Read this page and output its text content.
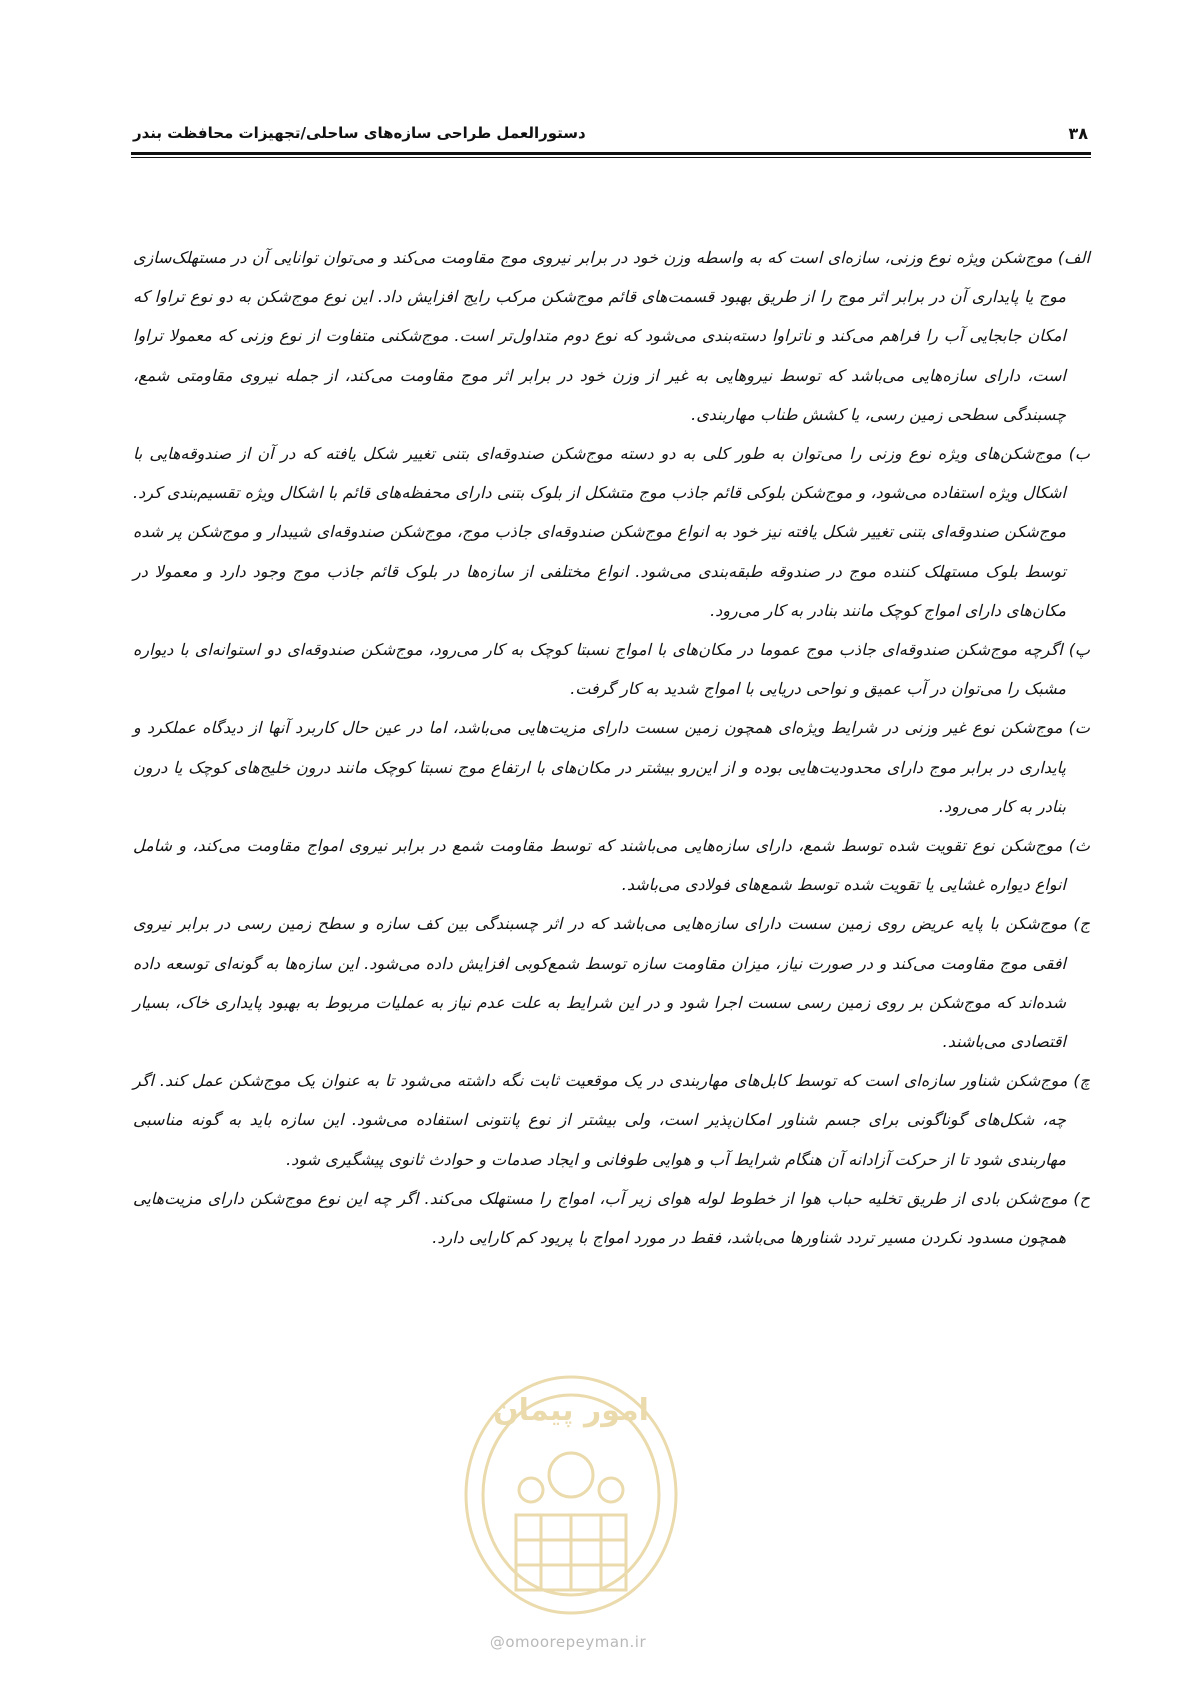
۳۸
دستورالعمل طراحی سازه‌های ساحلی/تجهیزات محافظت بندر

الف) موج‌شکن ویژه نوع وزنی، سازه‌ای است که به واسطه وزن خود در برابر نیروی موج مقاومت می‌کند و می‌توان توانایی آن در مستهلک‌سازی موج یا پایداری آن در برابر اثر موج را از طریق بهبود قسمت‌های قائم موج‌شکن مرکب رایج افزایش داد. این نوع موج‌شکن به دو نوع تراوا که امکان جابجایی آب را فراهم می‌کند و ناتراوا دسته‌بندی می‌شود که نوع دوم متداول‌تر است. موج‌شکنی متفاوت از نوع وزنی که معمولا تراوا است، دارای سازه‌هایی می‌باشد که توسط نیروهایی به غیر از وزن خود در برابر اثر موج مقاومت می‌کند، از جمله نیروی مقاومتی شمع، چسبندگی سطحی زمین رسی، یا کشش طناب مهاربندی.

ب) موج‌شکن‌های ویژه نوع وزنی را می‌توان به طور کلی به دو دسته موج‌شکن صندوقه‌ای بتنی تغییر شکل یافته که در آن از صندوقه‌هایی با اشکال ویژه استفاده می‌شود، و موج‌شکن بلوکی قائم جاذب موج متشکل از بلوک بتنی دارای محفظه‌های قائم با اشکال ویژه تقسیم‌بندی کرد. موج‌شکن صندوقه‌ای بتنی تغییر شکل یافته نیز خود به انواع موج‌شکن صندوقه‌ای جاذب موج، موج‌شکن صندوقه‌ای شیبدار و موج‌شکن پر شده توسط بلوک مستهلک کننده موج در صندوقه طبقه‌بندی می‌شود. انواع مختلفی از سازه‌ها در بلوک قائم جاذب موج وجود دارد و معمولا در مکان‌های دارای امواج کوچک مانند بنادر به کار می‌رود.

پ) اگرچه موج‌شکن صندوقه‌ای جاذب موج عموما در مکان‌های با امواج نسبتا کوچک به کار می‌رود، موج‌شکن صندوقه‌ای دو استوانه‌ای با دیواره مشبک را می‌توان در آب عمیق و نواحی دریایی با امواج شدید به کار گرفت.

ت) موج‌شکن نوع غیر وزنی در شرایط ویژه‌ای همچون زمین سست دارای مزیت‌هایی می‌باشد، اما در عین حال کاربرد آنها از دیدگاه عملکرد و پایداری در برابر موج دارای محدودیت‌هایی بوده و از این‌رو بیشتر در مکان‌های با ارتفاع موج نسبتا کوچک مانند درون خلیج‌های کوچک یا درون بنادر به کار می‌رود.

ث) موج‌شکن نوع تقویت شده توسط شمع، دارای سازه‌هایی می‌باشند که توسط مقاومت شمع در برابر نیروی امواج مقاومت می‌کند، و شامل انواع دیواره غشایی یا تقویت شده توسط شمع‌های فولادی می‌باشد.

ج) موج‌شکن با پایه عریض روی زمین سست دارای سازه‌هایی می‌باشد که در اثر چسبندگی بین کف سازه و سطح زمین رسی در برابر نیروی افقی موج مقاومت می‌کند و در صورت نیاز، میزان مقاومت سازه توسط شمع‌کوبی افزایش داده می‌شود. این سازه‌ها به گونه‌ای توسعه داده شده‌اند که موج‌شکن بر روی زمین رسی سست اجرا شود و در این شرایط به علت عدم نیاز به عملیات مربوط به بهبود پایداری خاک، بسیار اقتصادی می‌باشند.

چ) موج‌شکن شناور سازه‌ای است که توسط کابل‌های مهاربندی در یک موقعیت ثابت نگه داشته می‌شود تا به عنوان یک موج‌شکن عمل کند. اگر چه، شکل‌های گوناگونی برای جسم شناور امکان‌پذیر است، ولی بیشتر از نوع پانتونی استفاده می‌شود. این سازه باید به گونه مناسبی مهاربندی شود تا از حرکت آزادانه آن هنگام شرایط آب و هوایی طوفانی و ایجاد صدمات و حوادث ثانوی پیشگیری شود.

ح) موج‌شکن بادی از طریق تخلیه حباب هوا از خطوط لوله هوای زیر آب، امواج را مستهلک می‌کند. اگر چه این نوع موج‌شکن دارای مزیت‌هایی همچون مسدود نکردن مسیر تردد شناورها می‌باشد، فقط در مورد امواج با پریود کم کارایی دارد.

امور پیمان
@omoorepeyman.ir
